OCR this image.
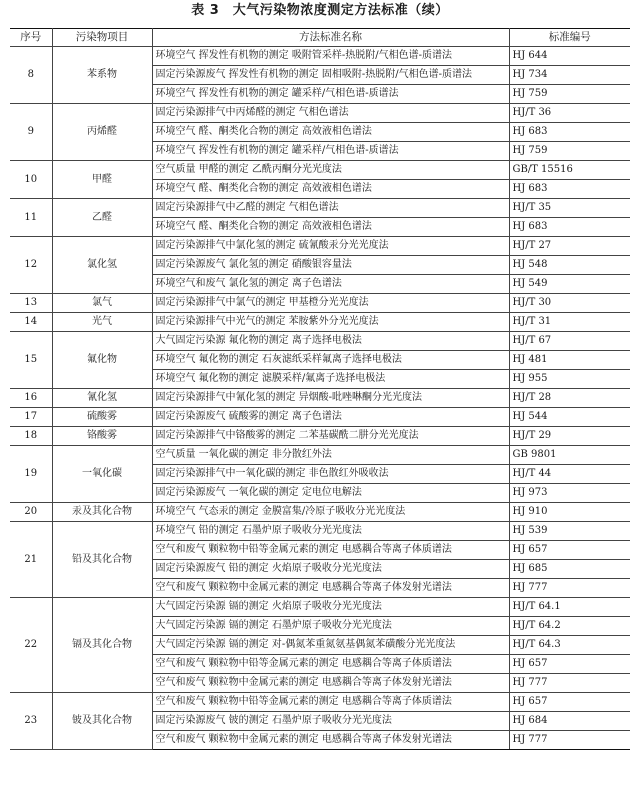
表 3　大气污染物浓度测定方法标准（续）
序号	污染物项目	方法标准名称	标准编号
8	苯系物	环境空气 挥发性有机物的测定 吸附管采样-热脱附/气相色谱-质谱法	HJ 644
		固定污染源废气 挥发性有机物的测定 固相吸附-热脱附/气相色谱-质谱法	HJ 734
		环境空气 挥发性有机物的测定 罐采样/气相色谱-质谱法	HJ 759
9	丙烯醛	固定污染源排气中丙烯醛的测定 气相色谱法	HJ/T 36
		环境空气 醛、酮类化合物的测定 高效液相色谱法	HJ 683
		环境空气 挥发性有机物的测定 罐采样/气相色谱-质谱法	HJ 759
10	甲醛	空气质量 甲醛的测定 乙酰丙酮分光光度法	GB/T 15516
		环境空气 醛、酮类化合物的测定 高效液相色谱法	HJ 683
11	乙醛	固定污染源排气中乙醛的测定 气相色谱法	HJ/T 35
		环境空气 醛、酮类化合物的测定 高效液相色谱法	HJ 683
12	氯化氢	固定污染源排气中氯化氢的测定 硫氰酸汞分光光度法	HJ/T 27
		固定污染源废气 氯化氢的测定 硝酸银容量法	HJ 548
		环境空气和废气 氯化氢的测定 离子色谱法	HJ 549
13	氯气	固定污染源排气中氯气的测定 甲基橙分光光度法	HJ/T 30
14	光气	固定污染源排气中光气的测定 苯胺紫外分光光度法	HJ/T 31
15	氟化物	大气固定污染源 氟化物的测定 离子选择电极法	HJ/T 67
		环境空气 氟化物的测定 石灰滤纸采样氟离子选择电极法	HJ 481
		环境空气 氟化物的测定 滤膜采样/氟离子选择电极法	HJ 955
16	氰化氢	固定污染源排气中氰化氢的测定 异烟酸-吡唑啉酮分光光度法	HJ/T 28
17	硫酸雾	固定污染源废气 硫酸雾的测定 离子色谱法	HJ 544
18	铬酸雾	固定污染源排气中铬酸雾的测定 二苯基碳酰二肼分光光度法	HJ/T 29
19	一氧化碳	空气质量 一氧化碳的测定 非分散红外法	GB 9801
		固定污染源排气中一氧化碳的测定 非色散红外吸收法	HJ/T 44
		固定污染源废气 一氧化碳的测定 定电位电解法	HJ 973
20	汞及其化合物	环境空气 气态汞的测定 金膜富集/冷原子吸收分光光度法	HJ 910
21	铅及其化合物	环境空气 铅的测定 石墨炉原子吸收分光光度法	HJ 539
		空气和废气 颗粒物中铅等金属元素的测定 电感耦合等离子体质谱法	HJ 657
		固定污染源废气 铅的测定 火焰原子吸收分光光度法	HJ 685
		空气和废气 颗粒物中金属元素的测定 电感耦合等离子体发射光谱法	HJ 777
22	镉及其化合物	大气固定污染源 镉的测定 火焰原子吸收分光光度法	HJ/T 64.1
		大气固定污染源 镉的测定 石墨炉原子吸收分光光度法	HJ/T 64.2
		大气固定污染源 镉的测定 对-偶氮苯重氮氨基偶氮苯磺酸分光光度法	HJ/T 64.3
		空气和废气 颗粒物中铅等金属元素的测定 电感耦合等离子体质谱法	HJ 657
		空气和废气 颗粒物中金属元素的测定 电感耦合等离子体发射光谱法	HJ 777
23	铍及其化合物	空气和废气 颗粒物中铅等金属元素的测定 电感耦合等离子体质谱法	HJ 657
		固定污染源废气 铍的测定 石墨炉原子吸收分光光度法	HJ 684
		空气和废气 颗粒物中金属元素的测定 电感耦合等离子体发射光谱法	HJ 777
